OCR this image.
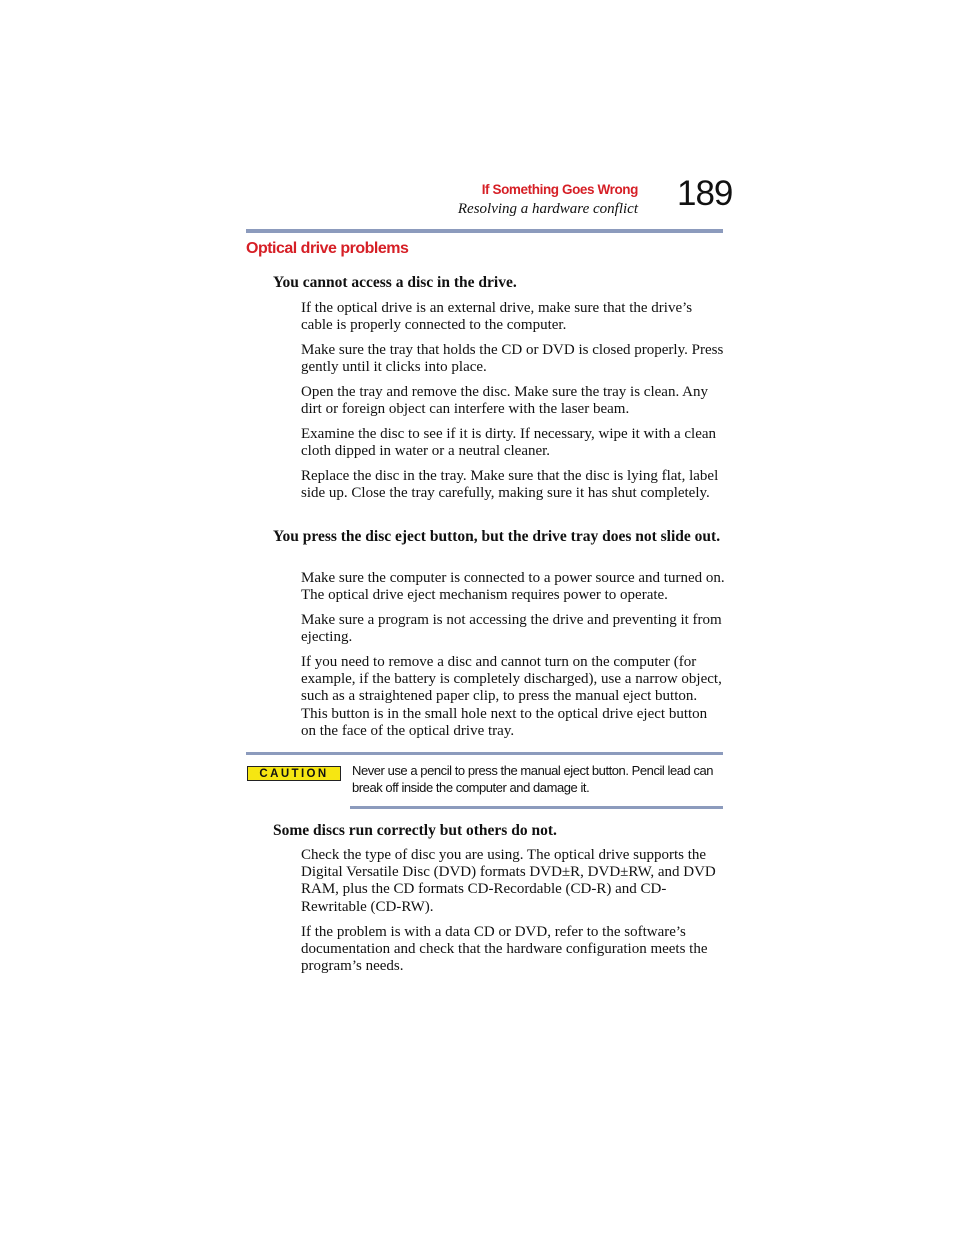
If Something Goes Wrong
Resolving a hardware conflict 189
Optical drive problems
You cannot access a disc in the drive.
If the optical drive is an external drive, make sure that the drive’s cable is properly connected to the computer.
Make sure the tray that holds the CD or DVD is closed properly. Press gently until it clicks into place.
Open the tray and remove the disc. Make sure the tray is clean. Any dirt or foreign object can interfere with the laser beam.
Examine the disc to see if it is dirty. If necessary, wipe it with a clean cloth dipped in water or a neutral cleaner.
Replace the disc in the tray. Make sure that the disc is lying flat, label side up. Close the tray carefully, making sure it has shut completely.
You press the disc eject button, but the drive tray does not slide out.
Make sure the computer is connected to a power source and turned on. The optical drive eject mechanism requires power to operate.
Make sure a program is not accessing the drive and preventing it from ejecting.
If you need to remove a disc and cannot turn on the computer (for example, if the battery is completely discharged), use a narrow object, such as a straightened paper clip, to press the manual eject button. This button is in the small hole next to the optical drive eject button on the face of the optical drive tray.
CAUTION	Never use a pencil to press the manual eject button. Pencil lead can break off inside the computer and damage it.
Some discs run correctly but others do not.
Check the type of disc you are using. The optical drive supports the Digital Versatile Disc (DVD) formats DVD±R, DVD±RW, and DVD RAM, plus the CD formats CD-Recordable (CD-R) and CD-Rewritable (CD-RW).
If the problem is with a data CD or DVD, refer to the software’s documentation and check that the hardware configuration meets the program’s needs.
